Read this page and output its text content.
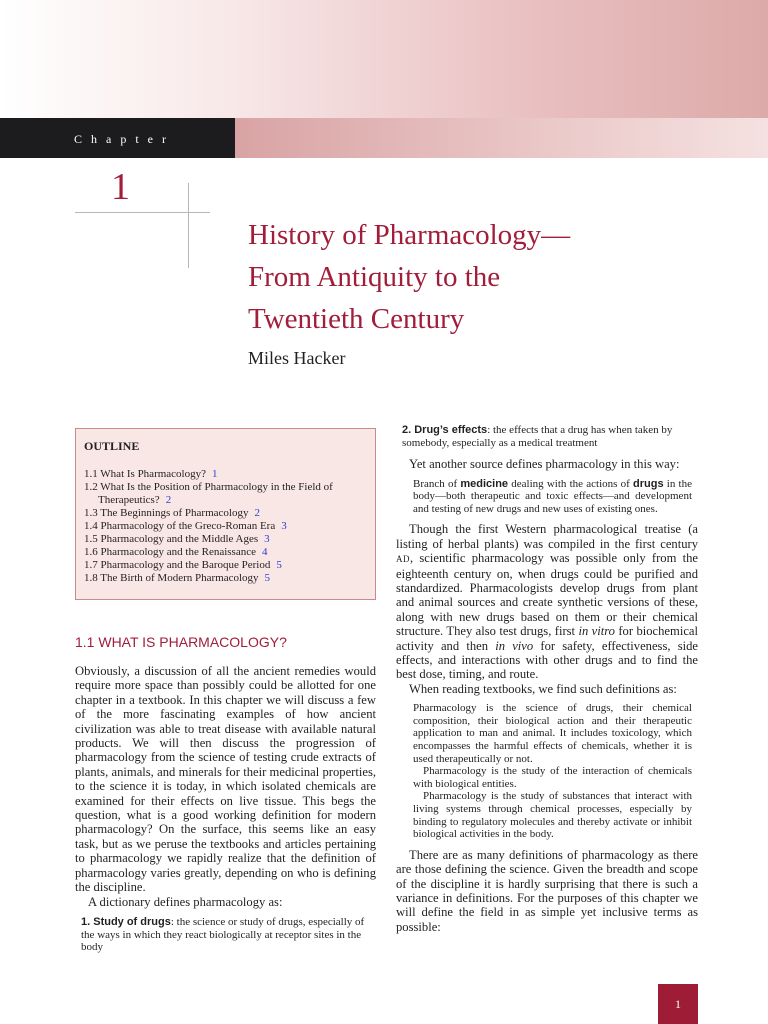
Chapter
1
History of Pharmacology—
From Antiquity to the
Twentieth Century
Miles Hacker
OUTLINE
1.1 What Is Pharmacology? 1
1.2 What Is the Position of Pharmacology in the Field of Therapeutics? 2
1.3 The Beginnings of Pharmacology 2
1.4 Pharmacology of the Greco-Roman Era 3
1.5 Pharmacology and the Middle Ages 3
1.6 Pharmacology and the Renaissance 4
1.7 Pharmacology and the Baroque Period 5
1.8 The Birth of Modern Pharmacology 5
1.1 WHAT IS PHARMACOLOGY?

Obviously, a discussion of all the ancient remedies would require more space than possibly could be allotted for one chapter in a textbook. In this chapter we will discuss a few of the more fascinating examples of how ancient civilization was able to treat disease with available natural products. We will then discuss the progression of pharmacology from the science of testing crude extracts of plants, animals, and minerals for their medicinal properties, to the science it is today, in which isolated chemicals are examined for their effects on live tissue. This begs the question, what is a good working definition for modern pharmacology? On the surface, this seems like an easy task, but as we peruse the textbooks and articles pertaining to pharmacology we rapidly realize that the definition of pharmacology varies greatly, depending on who is defining the discipline.

A dictionary defines pharmacology as:

1. Study of drugs: the science or study of drugs, especially of the ways in which they react biologically at receptor sites in the body

2. Drug’s effects: the effects that a drug has when taken by somebody, especially as a medical treatment

Yet another source defines pharmacology in this way:

Branch of medicine dealing with the actions of drugs in the body—both therapeutic and toxic effects—and development and testing of new drugs and new uses of existing ones.

Though the first Western pharmacological treatise (a listing of herbal plants) was compiled in the first century AD, scientific pharmacology was possible only from the eighteenth century on, when drugs could be purified and standardized. Pharmacologists develop drugs from plant and animal sources and create synthetic versions of these, along with new drugs based on them or their chemical structure. They also test drugs, first in vitro for biochemical activity and then in vivo for safety, effectiveness, side effects, and interactions with other drugs and to find the best dose, timing, and route.

When reading textbooks, we find such definitions as:

Pharmacology is the science of drugs, their chemical composition, their biological action and their therapeutic application to man and animal. It includes toxicology, which encompasses the harmful effects of chemicals, whether it is used therapeutically or not.

Pharmacology is the study of the interaction of chemicals with biological entities.

Pharmacology is the study of substances that interact with living systems through chemical processes, especially by binding to regulatory molecules and thereby activate or inhibit biological activities in the body.

There are as many definitions of pharmacology as there are those defining the science. Given the breadth and scope of the discipline it is hardly surprising that there is such a variance in definitions. For the purposes of this chapter we will define the field in as simple yet inclusive terms as possible:

1
